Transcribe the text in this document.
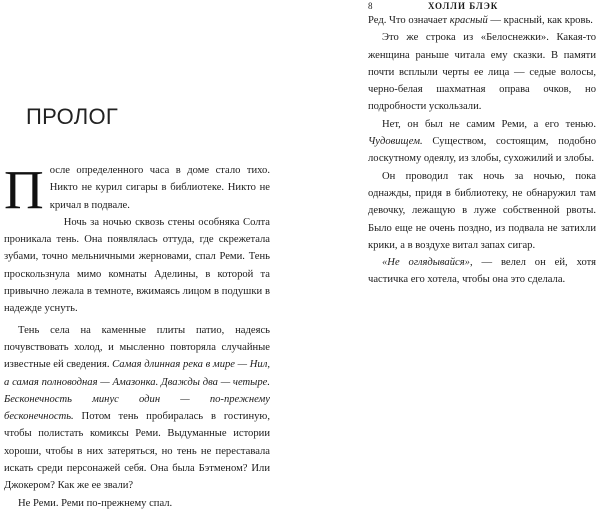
ПРОЛОГ

После определенного часа в доме стало тихо. Никто не курил сигары в библиотеке. Никто не кричал в подвале.

Ночь за ночью сквозь стены особняка Солта проникала тень. Она появлялась оттуда, где скрежетала зубами, точно мельничными жерновами, спал Реми. Тень проскользнула мимо комнаты Аделины, в которой та привычно лежала в темноте, вжимаясь лицом в подушки в надежде уснуть.

Тень села на каменные плиты патио, надеясь почувствовать холод, и мысленно повторяла случайные известные ей сведения. Самая длинная река в мире — Нил, а самая полноводная — Амазонка. Дважды два — четыре. Бесконечность минус один — по-прежнему бесконечность. Потом тень пробиралась в гостиную, чтобы полистать комиксы Реми. Выдуманные истории хороши, чтобы в них затеряться, но тень не переставала искать среди персонажей себя. Она была Бэтменом? Или Джокером? Как же ее звали?

Не Реми. Реми по-прежнему спал.

8	ХОЛЛИ БЛЭК

Ред. Что означает красный — красный, как кровь.

Это же строка из «Белоснежки». Какая-то женщина раньше читала ему сказки. В памяти почти всплыли черты ее лица — седые волосы, черно-белая шахматная оправа очков, но подробности ускользали.

Нет, он был не самим Реми, а его тенью. Чудовищем. Существом, состоящим, подобно лоскутному одеялу, из злобы, сухожилий и злобы.

Он проводил так ночь за ночью, пока однажды, придя в библиотеку, не обнаружил там девочку, лежащую в луже собственной рвоты. Было еще не очень поздно, из подвала не затихли крики, а в воздухе витал запах сигар.

«Не оглядывайся», — велел он ей, хотя частичка его хотела, чтобы она это сделала.
